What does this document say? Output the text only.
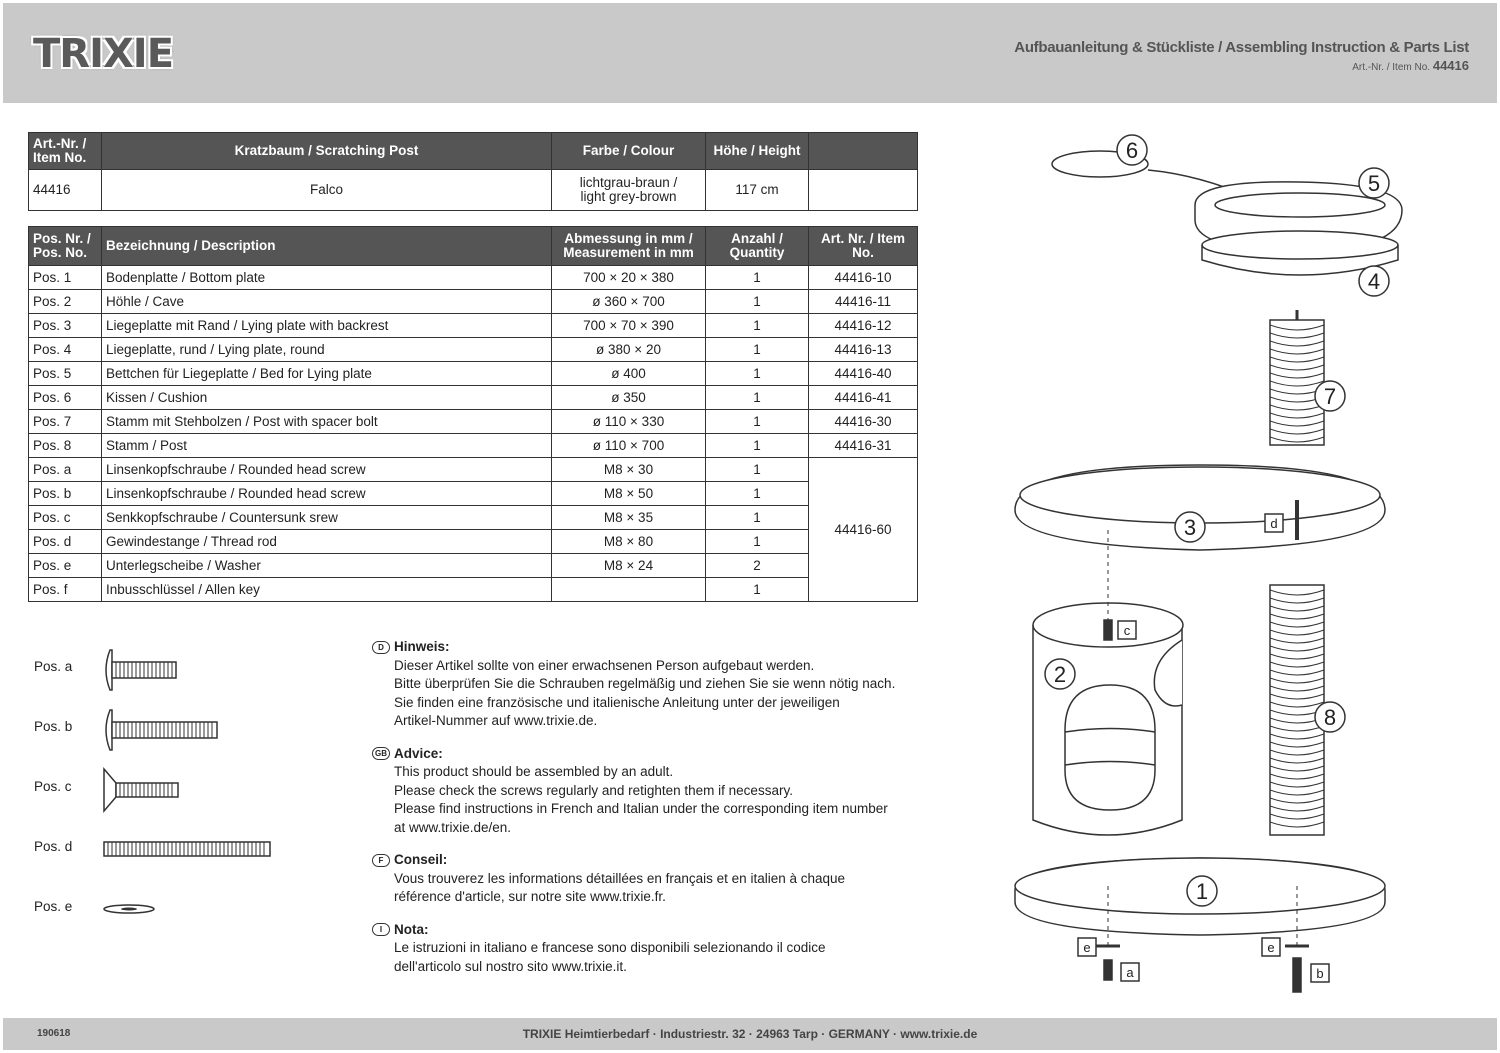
TRIXIE	Aufbauanleitung & Stückliste / Assembling Instruction & Parts List
Art.-Nr. / Item No. 44416
Art.-Nr. / Item No.	Kratzbaum / Scratching Post	Farbe / Colour	Höhe / Height	
44416	Falco	lichtgrau-braun /
light grey-brown	117 cm	
Pos. Nr. / Pos. No.	Bezeichnung / Description	Abmessung in mm / Measurement in mm	Anzahl / Quantity	Art. Nr. / Item No.
Pos. 1	Bodenplatte / Bottom plate	700 × 20 × 380	1	44416-10
Pos. 2	Höhle / Cave	ø 360 × 700	1	44416-11
Pos. 3	Liegeplatte mit Rand / Lying plate with backrest	700 × 70 × 390	1	44416-12
Pos. 4	Liegeplatte, rund / Lying plate, round	ø 380 × 20	1	44416-13
Pos. 5	Bettchen für Liegeplatte / Bed for Lying plate	ø 400	1	44416-40
Pos. 6	Kissen / Cushion	ø 350	1	44416-41
Pos. 7	Stamm mit Stehbolzen / Post with spacer bolt	ø 110 × 330	1	44416-30
Pos. 8	Stamm / Post	ø 110 × 700	1	44416-31
Pos. a	Linsenkopfschraube / Rounded head screw	M8 × 30	1	44416-60
Pos. b	Linsenkopfschraube / Rounded head screw	M8 × 50	1	
Pos. c	Senkkopfschraube / Countersunk srew	M8 × 35	1	
Pos. d	Gewindestange / Thread rod	M8 × 80	1	
Pos. e	Unterlegscheibe / Washer	M8 × 24	2	
Pos. f	Inbusschlüssel / Allen key		1	
Pos. a
Pos. b
Pos. c
Pos. d
Pos. e
D Hinweis:
Dieser Artikel sollte von einer erwachsenen Person aufgebaut werden.
Bitte überprüfen Sie die Schrauben regelmäßig und ziehen Sie sie wenn nötig nach.
Sie finden eine französische und italienische Anleitung unter der jeweiligen
Artikel-Nummer auf www.trixie.de.
GB Advice:
This product should be assembled by an adult.
Please check the screws regularly and retighten them if necessary.
Please find instructions in French and Italian under the corresponding item number
at www.trixie.de/en.
F Conseil:
Vous trouverez les informations détaillées en français et en italien à chaque
référence d'article, sur notre site www.trixie.fr.
I Nota:
Le istruzioni in italiano e francese sono disponibili selezionando il codice
dell'articolo sul nostro sito www.trixie.it.
6
5
4
7
3	d
c
2
8
1
e
a
e
b
190618	TRIXIE Heimtierbedarf · Industriestr. 32 · 24963 Tarp · GERMANY · www.trixie.de
